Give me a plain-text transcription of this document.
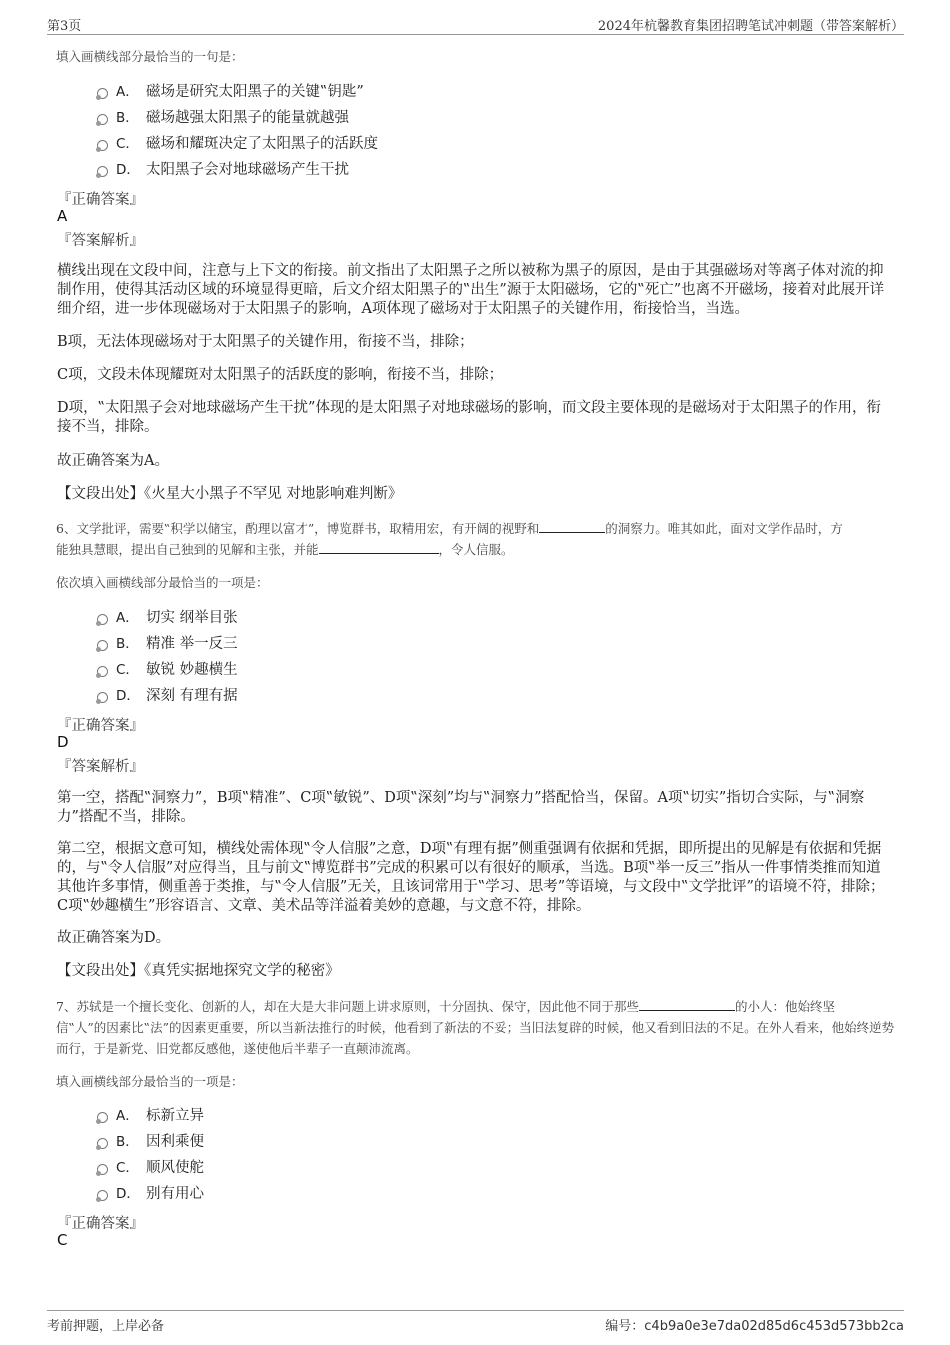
第3页	2024年杭馨教育集团招聘笔试冲刺题（带答案解析）
填入画横线部分最恰当的一句是：
A． 磁场是研究太阳黑子的关键‟钥匙”
B． 磁场越强太阳黑子的能量就越强
C． 磁场和耀斑决定了太阳黑子的活跃度
D． 太阳黑子会对地球磁场产生干扰
『正确答案』
A
『答案解析』
横线出现在文段中间，注意与上下文的衔接。前文指出了太阳黑子之所以被称为黑子的原因，是由于其强磁场对等离子体对流的抑制作用，使得其活动区域的环境显得更暗，后文介绍太阳黑子的‟出生”源于太阳磁场，它的‟死亡”也离不开磁场，接着对此展开详细介绍，进一步体现磁场对于太阳黑子的影响，A项体现了磁场对于太阳黑子的关键作用，衔接恰当，当选。
B项，无法体现磁场对于太阳黑子的关键作用，衔接不当，排除；
C项，文段未体现耀斑对太阳黑子的活跃度的影响，衔接不当，排除；
D项，‟太阳黑子会对地球磁场产生干扰”体现的是太阳黑子对地球磁场的影响，而文段主要体现的是磁场对于太阳黑子的作用，衔接不当，排除。
故正确答案为A。
【文段出处】《火星大小黑子不罕见 对地影响难判断》
6、文学批评，需要‟积学以储宝，酌理以富才”，博览群书，取精用宏，有开阔的视野和	的洞察力。唯其如此，面对文学作品时，方
能独具慧眼，提出自己独到的见解和主张，并能	，令人信服。
依次填入画横线部分最恰当的一项是：
A． 切实 纲举目张
B． 精准 举一反三
C． 敏锐 妙趣横生
D． 深刻 有理有据
『正确答案』
D
『答案解析』
第一空，搭配‟洞察力”，B项‟精准”、C项‟敏锐”、D项‟深刻”均与‟洞察力”搭配恰当，保留。A项‟切实”指切合实际，与‟洞察力”搭配不当，排除。
第二空，根据文意可知，横线处需体现‟令人信服”之意，D项‟有理有据”侧重强调有依据和凭据，即所提出的见解是有依据和凭据的，与‟令人信服”对应得当，且与前文‟博览群书”完成的积累可以有很好的顺承，当选。B项‟举一反三”指从一件事情类推而知道其他许多事情，侧重善于类推，与‟令人信服”无关，且该词常用于‟学习、思考”等语境，与文段中‟文学批评”的语境不符，排除；C项‟妙趣横生”形容语言、文章、美术品等洋溢着美妙的意趣，与文意不符，排除。
故正确答案为D。
【文段出处】《真凭实据地探究文学的秘密》
7、苏轼是一个擅长变化、创新的人，却在大是大非问题上讲求原则，十分固执、保守，因此他不同于那些	的小人：他始终坚
信‟人”的因素比‟法”的因素更重要，所以当新法推行的时候，他看到了新法的不妥；当旧法复辟的时候，他又看到旧法的不足。在外人看来，他始终逆势而行，于是新党、旧党都反感他，遂使他后半辈子一直颠沛流离。
填入画横线部分最恰当的一项是：
A． 标新立异
B． 因利乘便
C． 顺风使舵
D． 别有用心
『正确答案』
C
考前押题，上岸必备	编号：c4b9a0e3e7da02d85d6c453d573bb2ca
